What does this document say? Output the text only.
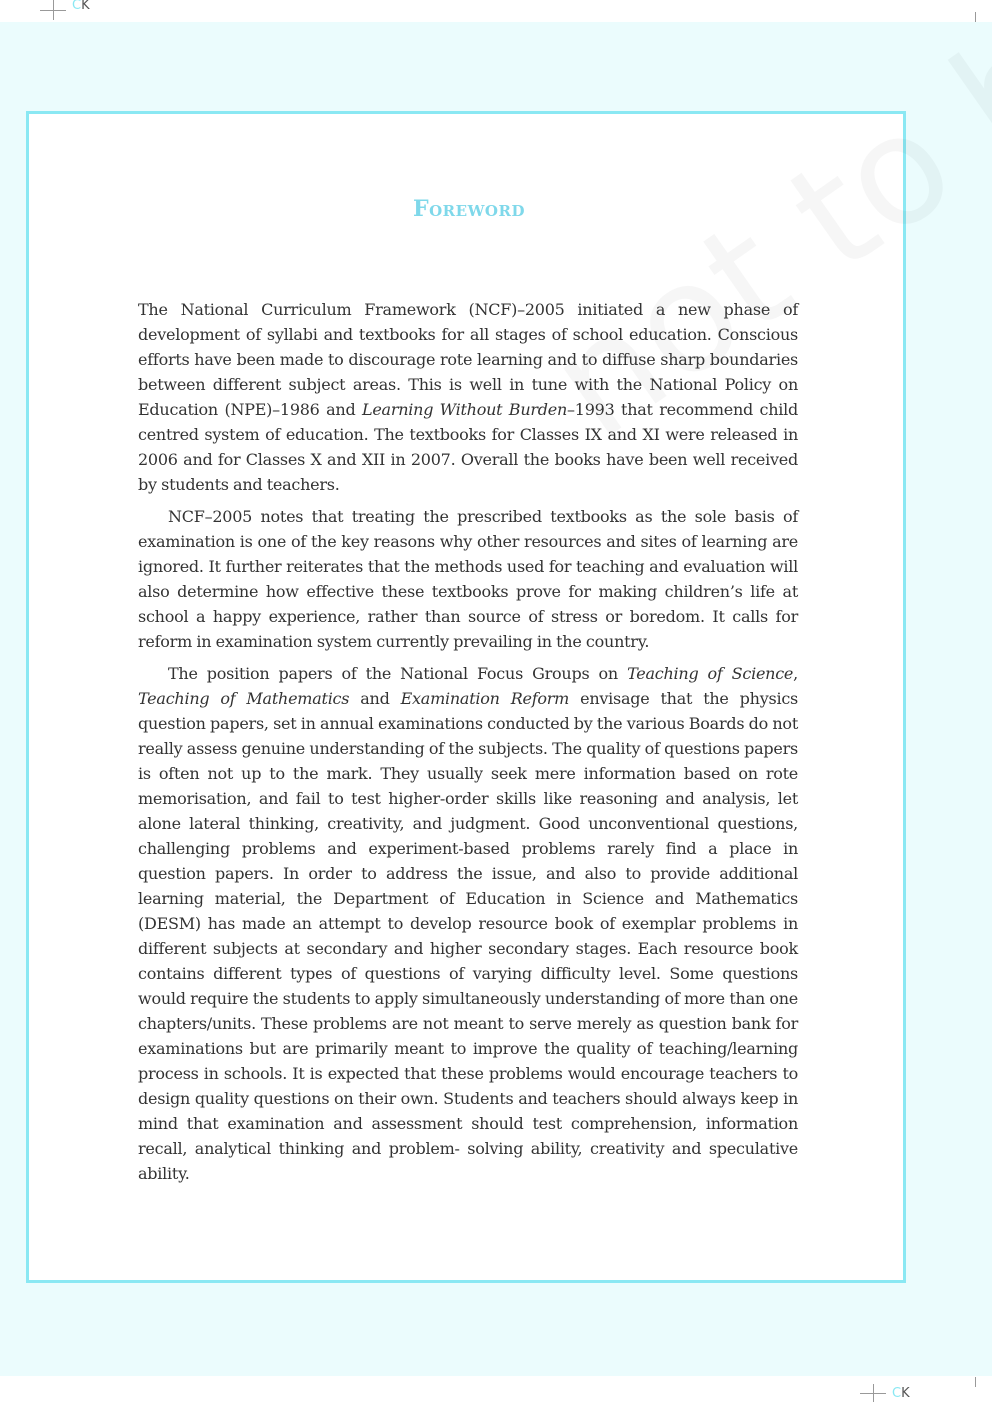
CK
CK
Foreword

The National Curriculum Framework (NCF)–2005 initiated a new phase of development of syllabi and textbooks for all stages of school education. Conscious efforts have been made to discourage rote learning and to diffuse sharp boundaries between different subject areas. This is well in tune with the National Policy on Education (NPE)–1986 and Learning Without Burden–1993 that recommend child centred system of education. The textbooks for Classes IX and XI were released in 2006 and for Classes X and XII in 2007. Overall the books have been well received by students and teachers.

NCF–2005 notes that treating the prescribed textbooks as the sole basis of examination is one of the key reasons why other resources and sites of learning are ignored. It further reiterates that the methods used for teaching and evaluation will also determine how effective these textbooks prove for making children’s life at school a happy experience, rather than source of stress or boredom. It calls for reform in examination system currently prevailing in the country.

The position papers of the National Focus Groups on Teaching of Science, Teaching of Mathematics and Examination Reform envisage that the physics question papers, set in annual examinations conducted by the various Boards do not really assess genuine understanding of the subjects. The quality of questions papers is often not up to the mark. They usually seek mere information based on rote memorisation, and fail to test higher-order skills like reasoning and analysis, let alone lateral thinking, creativity, and judgment. Good unconventional questions, challenging problems and experiment-based problems rarely find a place in question papers. In order to address the issue, and also to provide additional learning material, the Department of Education in Science and Mathematics (DESM) has made an attempt to develop resource book of exemplar problems in different subjects at secondary and higher secondary stages. Each resource book contains different types of questions of varying difficulty level. Some questions would require the students to apply simultaneously understanding of more than one chapters/units. These problems are not meant to serve merely as question bank for examinations but are primarily meant to improve the quality of teaching/learning process in schools. It is expected that these problems would encourage teachers to design quality questions on their own. Students and teachers should always keep in mind that examination and assessment should test comprehension, information recall, analytical thinking and problem- solving ability, creativity and speculative ability.
